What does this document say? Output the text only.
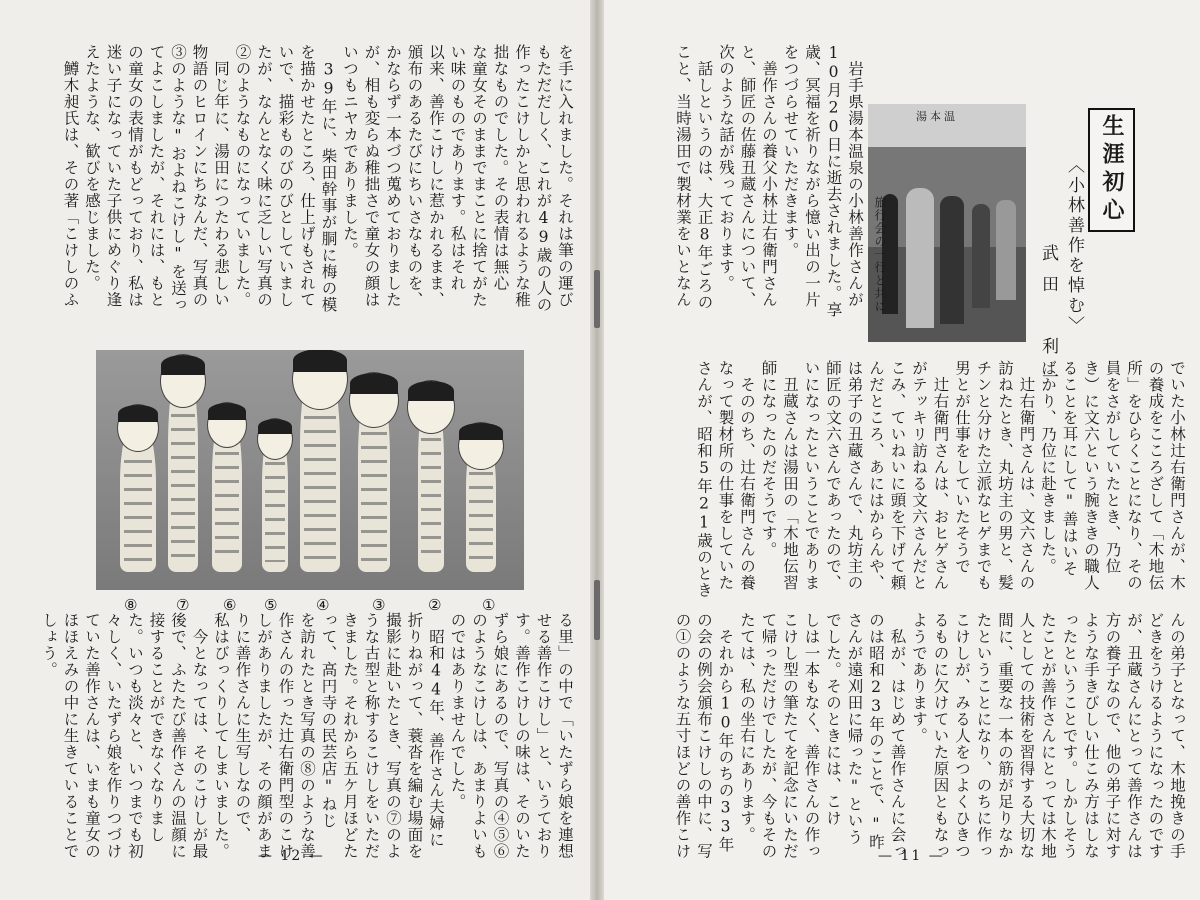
を手に入れました。それは筆の運び
もただだしく、これが49歳の人の
作ったこけしかと思われるような稚
拙なものでした。その表情は無心
な童女そのままでまことに捨てがた
い味のものであります。私はそれ
以来、善作こけしに惹かれるまま、
頒布のあるたびにちいさなものを、
かならず一本づつ蒐めておりました
が、相も変らぬ稚拙さで童女の顔は
いつもニヤカでありました。
　39年に、柴田幹事が胴に梅の模
を描かせたところ、仕上げもされて
いで、描彩ものびのびとしていまし
たが、なんとなく味に乏しい写真の
②のようなものになっていました。
　同じ年に、湯田につたわる悲しい
物語のヒロインにちなんだ、写真の
③のような"およねこけし"を送っ
てよこしましたが、それには、もと
の童女の表情がもどっており、私は
迷い子になっていた子供にめぐり逢
えたような、歓びを感じました。
　鱒木昶氏は、その著「こけしのふ
る里」の中で「いたずら娘を連想
せる善作こけし」と、いうており
す。善作こけしの味は、そのいた
ずら娘にあるので、写真の④⑤⑥
のようなこけしは、あまりよいも
のではありませんでした。
　昭和44年、善作さん夫婦に
折りねがって、蓑沓を編む場面を
撮影に赴いたとき、写真の⑦のよ
うな古型と称するこけしをいただ
きました。それから五ケ月ほどた
って、高円寺の民芸店"ねじ
を訪れたとき写真の⑧のような善
作さんの作った辻右衛門型のこけ
しがありましたが、その顔があま
りに善作さんに生写しなので、
私はびっくりしてしまいました。
　今となっては、そのこけしが最
後で、ふたたび善作さんの温顔に
接することができなくなりまし
た。いつも淡々と、いつまでも初
々しく、いたずら娘を作りつづけ
ていた善作さんは、いまも童女の
ほほえみの中に生きていることで
しょう。
⑧	⑦ ⑥ ⑤	④	③	②	①
— 12 —
湯本温
旅行会の一行と共に
生涯初心
〈小林善作を悼む〉
武田　利一
　岩手県湯本温泉の小林善作さんが
10月20日に逝去されました。享
歳、冥福を祈りながら憶い出の一片
をつづらせていただきます。
　善作さんの養父小林辻右衛門さん
と、師匠の佐藤丑蔵さんについて、
次のような話が残っております。
　話しというのは、大正8年ごろの
こと、当時湯田で製材業をいとなん
でいた小林辻右衛門さんが、木
の養成をこころざして「木地伝
所」をひらくことになり、その
員をさがしていたとき、乃位
き）に文六という腕ききの職人
ることを耳にして"善はいそ
ばかり、乃位に赴きました。
　辻右衛門さんは、文六さんの
訪ねたとき、丸坊主の男と、髪
チンと分けた立派なヒゲまでも
男とが仕事をしていたそうで
　辻右衛門さんは、おヒゲさん
がテッキリ訪ねる文六さんだと
こみ、ていねいに頭を下げて頼
んだところ、あにはからんや、
は弟子の丑蔵さんで、丸坊主の
師匠の文六さんであったので、
いになったということでありま
　丑蔵さんは湯田の「木地伝習
師になったのだそうです。
　そののち、辻右衛門さんの養
なって製材所の仕事をしていた
さんが、昭和5年21歳のとき
んの弟子となって、木地挽きの手
どきをうけるようになったのです
が、丑蔵さんにとって善作さんは
方の養子なので、他の弟子に対す
ような手きびしい仕こみ方はしな
ったということです。しかしそう
たことが善作さんにとっては木地
人としての技術を習得する大切な
間に、重要な一本の筋が足りなか
たということになり、のちに作っ
こけしが、みる人をつよくひきつ
るものに欠けていた原因ともなっ
ようであります。
　私が、はじめて善作さんに会っ
のは昭和23年のことで、"昨
さんが遠刈田に帰った"という
でした。そのときには、こけ
しは一本もなく、善作さんの作っ
こけし型の筆たてを記念にいただ
て帰っただけでしたが、今もその
たては、私の坐右にあります。
　それから10年のちの33年
の会の例会頒布こけしの中に、写
の①のような五寸ほどの善作こけ	— 11 —
